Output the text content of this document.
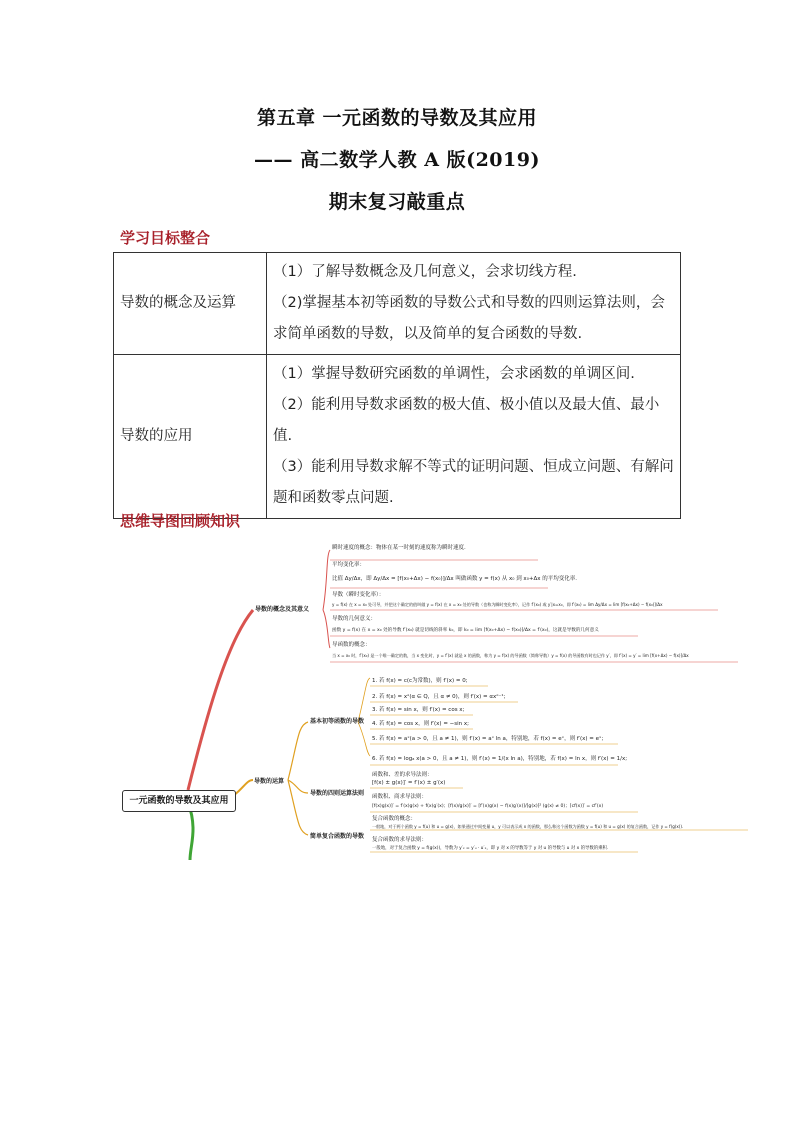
第五章 一元函数的导数及其应用
—— 高二数学人教 A 版(2019)
期末复习敲重点
学习目标整合
导数的概念及运算	（1）了解导数概念及几何意义，会求切线方程.
（2)掌握基本初等函数的导数公式和导数的四则运算法则，会求简单函数的导数，以及简单的复合函数的导数.

导数的应用	（1）掌握导数研究函数的单调性，会求函数的单调区间.
（2）能利用导数求函数的极大值、极小值以及最大值、最小值.
（3）能利用导数求解不等式的证明问题、恒成立问题、有解问题和函数零点问题.
思维导图回顾知识
一元函数的导数及其应用
导数的概念及其意义
瞬时速度的概念：物体在某一时刻的速度称为瞬时速度.
平均变化率：
比值 Δy/Δx，即 Δy/Δx = [f(x₀+Δx) − f(x₀)]/Δx 叫做函数 y = f(x) 从 x₀ 到 x₀+Δx 的平均变化率.
导数（瞬时变化率）：
y = f(x) 在 x = x₀ 处可导，并把这个确定的值叫做 y = f(x) 在 x = x₀ 处的导数（也称为瞬时变化率），记作 f′(x₀) 或 y′|x=x₀，即 f′(x₀) = lim Δy/Δx = lim [f(x₀+Δx) − f(x₀)]/Δx
导数的几何意义：
函数 y = f(x) 在 x = x₀ 处的导数 f′(x₀) 就是切线的斜率 k₀，即 k₀ = lim [f(x₀+Δx) − f(x₀)]/Δx = f′(x₀)，这就是导数的几何意义
导函数的概念：
当 x = x₀ 时，f′(x₀) 是一个唯一确定的数，当 x 变化时，y = f′(x) 就是 x 的函数，称为 y = f(x) 的导函数（简称导数）y = f(x) 的导函数有时也记作 y′，即 f′(x) = y′ = lim [f(x+Δx) − f(x)]/Δx
导数的运算
基本初等函数的导数
1. 若 f(x) = c(c为常数)，则 f′(x) = 0;
2. 若 f(x) = xᵅ(α ∈ Q，且 α ≠ 0)，则 f′(x) = αxᵅ⁻¹;
3. 若 f(x) = sin x，则 f′(x) = cos x;
4. 若 f(x) = cos x，则 f′(x) = −sin x;
5. 若 f(x) = aˣ(a > 0，且 a ≠ 1)，则 f′(x) = aˣ ln a，特别地，若 f(x) = eˣ，则 f′(x) = eˣ;
6. 若 f(x) = logₐ x(a > 0，且 a ≠ 1)，则 f′(x) = 1/(x ln a)，特别地，若 f(x) = ln x，则 f′(x) = 1/x;
导数的四则运算法则
函数和、差的求导法则：
[f(x) ± g(x)]′ = f′(x) ± g′(x)
函数积、商求导法则：
[f(x)g(x)]′ = f′(x)g(x) + f(x)g′(x)；[f(x)/g(x)]′ = [f′(x)g(x) − f(x)g′(x)]/[g(x)]² (g(x) ≠ 0)；[cf(x)]′ = cf′(x)
简单复合函数的导数
复合函数的概念：
一般地，对于两个函数 y = f(u) 和 u = g(x)，如果通过中间变量 u，y 可以表示成 x 的函数，那么称这个函数为函数 y = f(u) 和 u = g(x) 的复合函数，记作 y = f(g(x)).
复合函数的求导法则：
一般地，对于复合函数 y = f(g(x))，导数为 y′ₓ = y′ᵤ · u′ₓ，即 y 对 x 的导数等于 y 对 u 的导数与 u 对 x 的导数的乘积.
